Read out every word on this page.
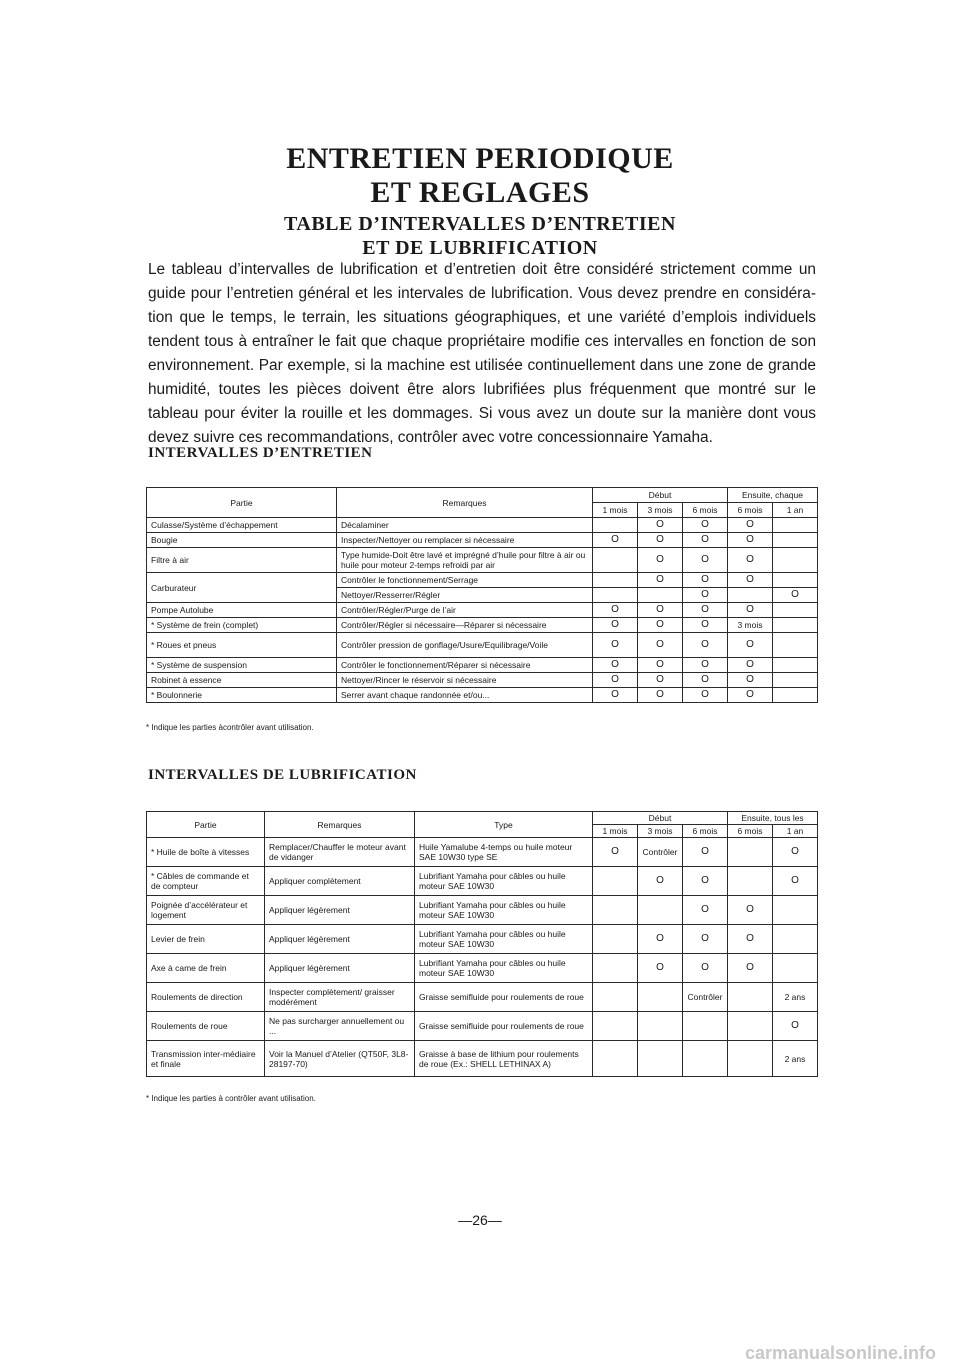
ENTRETIEN PERIODIQUE
ET REGLAGES
TABLE D’INTERVALLES D’ENTRETIEN
ET DE LUBRIFICATION

Le tableau d’intervalles de lubrification et d’entretien doit être considéré strictement comme un guide pour l’entretien général et les intervales de lubrification. Vous devez prendre en considéra-tion que le temps, le terrain, les situations géographiques, et une variété d’emplois individuels tendent tous à entraîner le fait que chaque propriétaire modifie ces intervalles en fonction de son environnement. Par exemple, si la machine est utilisée continuellement dans une zone de grande humidité, toutes les pièces doivent être alors lubrifiées plus fréquenment que montré sur le tableau pour éviter la rouille et les dommages. Si vous avez un doute sur la manière dont vous devez suivre ces recommandations, contrôler avec votre concessionnaire Yamaha.

INTERVALLES D’ENTRETIEN
Partie	Remarques	Début			Ensuite, chaque	
		1 mois	3 mois	6 mois	6 mois	1 an
Culasse/Système d’échappement	Décalaminer		O	O	O	
Bougie	Inspecter/Nettoyer ou remplacer si nécessaire	O	O	O	O	
Filtre à air	Type humide-Doit être lavé et imprégné d’huile pour filtre à air ou huile pour moteur 2-temps refroidi par air		O	O	O	
Carburateur	Contrôler le fonctionnement/Serrage		O	O	O	
	Nettoyer/Resserrer/Régler			O		O
Pompe Autolube	Contrôler/Régler/Purge de l’air	O	O	O	O	
* Système de frein (complet)	Contrôler/Régler si nécessaire—Réparer si nécessaire	O	O	O	3 mois	
* Roues et pneus	Contrôler pression de gonflage/Usure/Equilibrage/Voile	O	O	O	O	
* Système de suspension	Contrôler le fonctionnement/Réparer si nécessaire	O	O	O	O	
Robinet à essence	Nettoyer/Rincer le réservoir si nécessaire	O	O	O	O	
* Boulonnerie	Serrer avant chaque randonnée et/ou...	O	O	O	O	
* Indique les parties àcontrôler avant utilisation.
INTERVALLES DE LUBRIFICATION
Partie	Remarques	Type	Début			Ensuite, tous les	
			1 mois	3 mois	6 mois	6 mois	1 an
* Huile de boîte à vitesses	Remplacer/Chauffer le moteur avant de vidanger	Huile Yamalube 4-temps ou huile moteur SAE 10W30 type SE	O	Contrôler	O		O
* Câbles de commande et de compteur	Appliquer complètement	Lubrifiant Yamaha pour câbles ou huile moteur SAE 10W30		O	O		O
Poignée d’accélérateur et logement	Appliquer légèrement	Lubrifiant Yamaha pour câbles ou huile moteur SAE 10W30			O	O	
Levier de frein	Appliquer légèrement	Lubrifiant Yamaha pour câbles ou huile moteur SAE 10W30		O	O	O	
Axe à came de frein	Appliquer légèrement	Lubrifiant Yamaha pour câbles ou huile moteur SAE 10W30		O	O	O	
Roulements de direction	Inspecter complètement/ graisser modérément	Graisse semifluide pour roulements de roue			Contrôler		2 ans
Roulements de roue	Ne pas surcharger annuellement ou ...	Graisse semifluide pour roulements de roue					O
Transmission inter-médiaire et finale	Voir la Manuel d’Atelier (QT50F, 3L8-28197-70)	Graisse à base de lithium pour roulements de roue (Ex.: SHELL LETHINAX A)					2 ans
* Indique les parties à contrôler avant utilisation.
—26—
carmanualsonline.info
